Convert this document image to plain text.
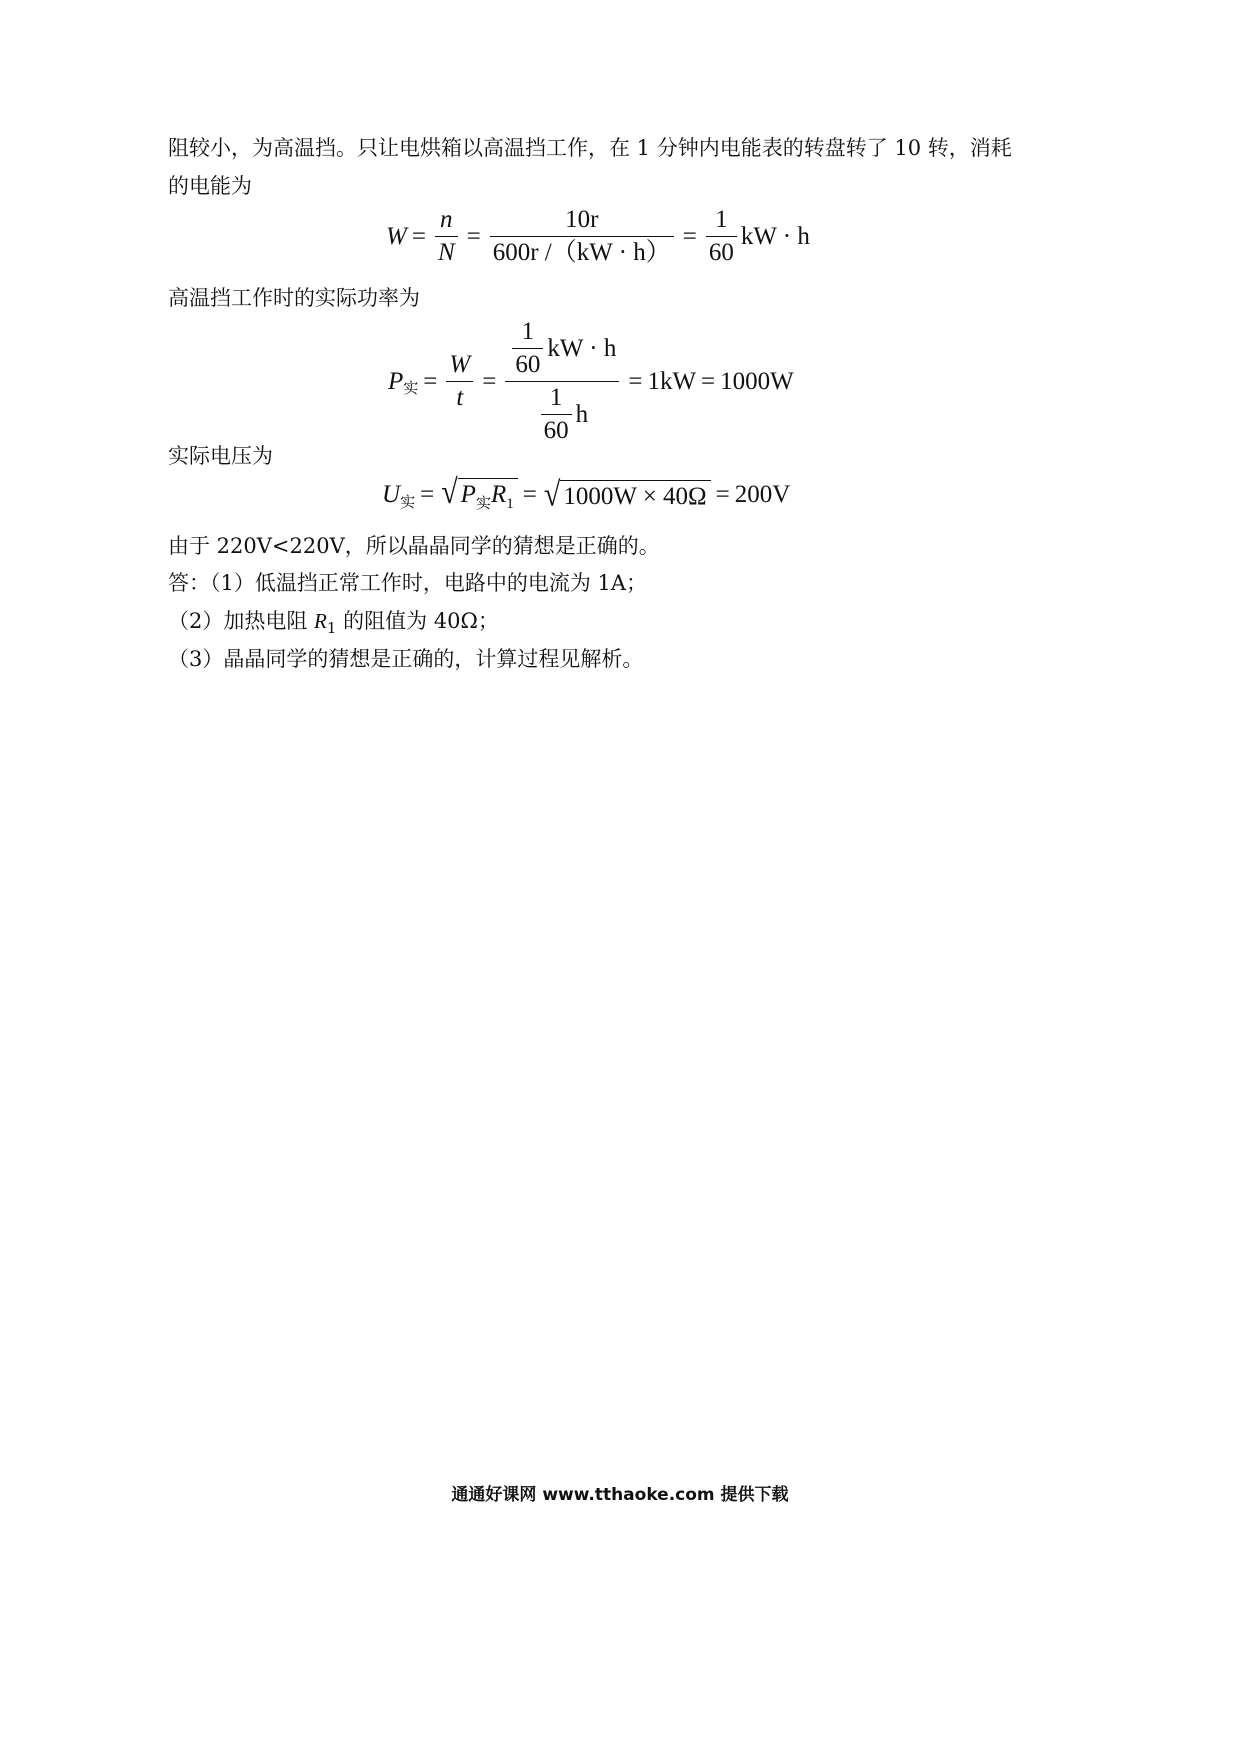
阻较小，为高温挡。只让电烘箱以高温挡工作，在 1 分钟内电能表的转盘转了 10 转，消耗
的电能为
$W = \frac{n}{N} = \frac{10r}{600r /(kW \cdot h)} = \frac{1}{60}$ kW · h
高温挡工作时的实际功率为
P 实 = $\frac{W}{t} = \frac{\frac{1}{60} kW \cdot h}{\frac{1}{60} h} = 1kW = 1000W$
实际电压为
U 实 = √ $P_实R_1$ = √ 1000W × 40Ω = 200V
由于 220V<220V，所以晶晶同学的猜想是正确的。
答：（1）低温挡正常工作时，电路中的电流为 1A；
（2）加热电阻 $R_1$ 的阻值为 40Ω；
（3）晶晶同学的猜想是正确的，计算过程见解析。
通通好课网 www.tthaoke.com 提供下载
